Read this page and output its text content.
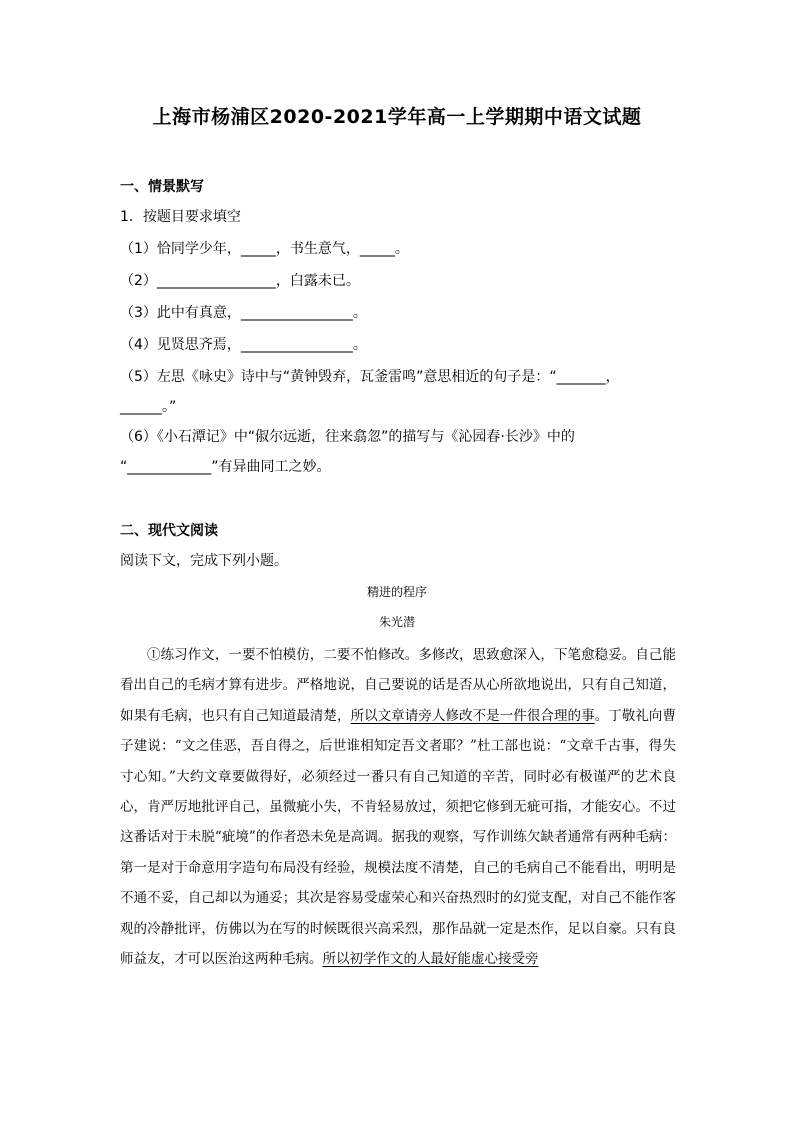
上海市杨浦区2020-2021学年高一上学期期中语文试题
一、情景默写
1．按题目要求填空
（1）恰同学少年，_____，书生意气，_____。
（2）_________________，白露未已。
（3）此中有真意，________________。
（4）见贤思齐焉，________________。
（5）左思《咏史》诗中与“黄钟毁弃，瓦釜雷鸣”意思相近的句子是：“_______，
______。”
（6）《小石潭记》中“俶尔远逝，往来翕忽”的描写与《沁园春·长沙》中的
“____________”有异曲同工之妙。
二、现代文阅读
阅读下文，完成下列小题。
精进的程序
朱光潜
①练习作文，一要不怕模仿，二要不怕修改。多修改，思致愈深入，下笔愈稳妥。自己能看出自己的毛病才算有进步。严格地说，自己要说的话是否从心所欲地说出，只有自己知道，如果有毛病，也只有自己知道最清楚，所以文章请旁人修改不是一件很合理的事。丁敬礼向曹子建说：“文之佳恶，吾自得之，后世谁相知定吾文者耶？”杜工部也说：“文章千古事，得失寸心知。”大约文章要做得好，必须经过一番只有自己知道的辛苦，同时必有极谨严的艺术良心，肯严厉地批评自己，虽微疵小失，不肯轻易放过，须把它修到无疵可指，才能安心。不过这番话对于未脱“疵境”的作者恐未免是高调。据我的观察，写作训练欠缺者通常有两种毛病：第一是对于命意用字造句布局没有经验，规模法度不清楚，自己的毛病自己不能看出，明明是不通不妥，自己却以为通妥；其次是容易受虚荣心和兴奋热烈时的幻觉支配，对自己不能作客观的冷静批评，仿佛以为在写的时候既很兴高采烈，那作品就一定是杰作，足以自豪。只有良师益友，才可以医治这两种毛病。所以初学作文的人最好能虚心接受旁
